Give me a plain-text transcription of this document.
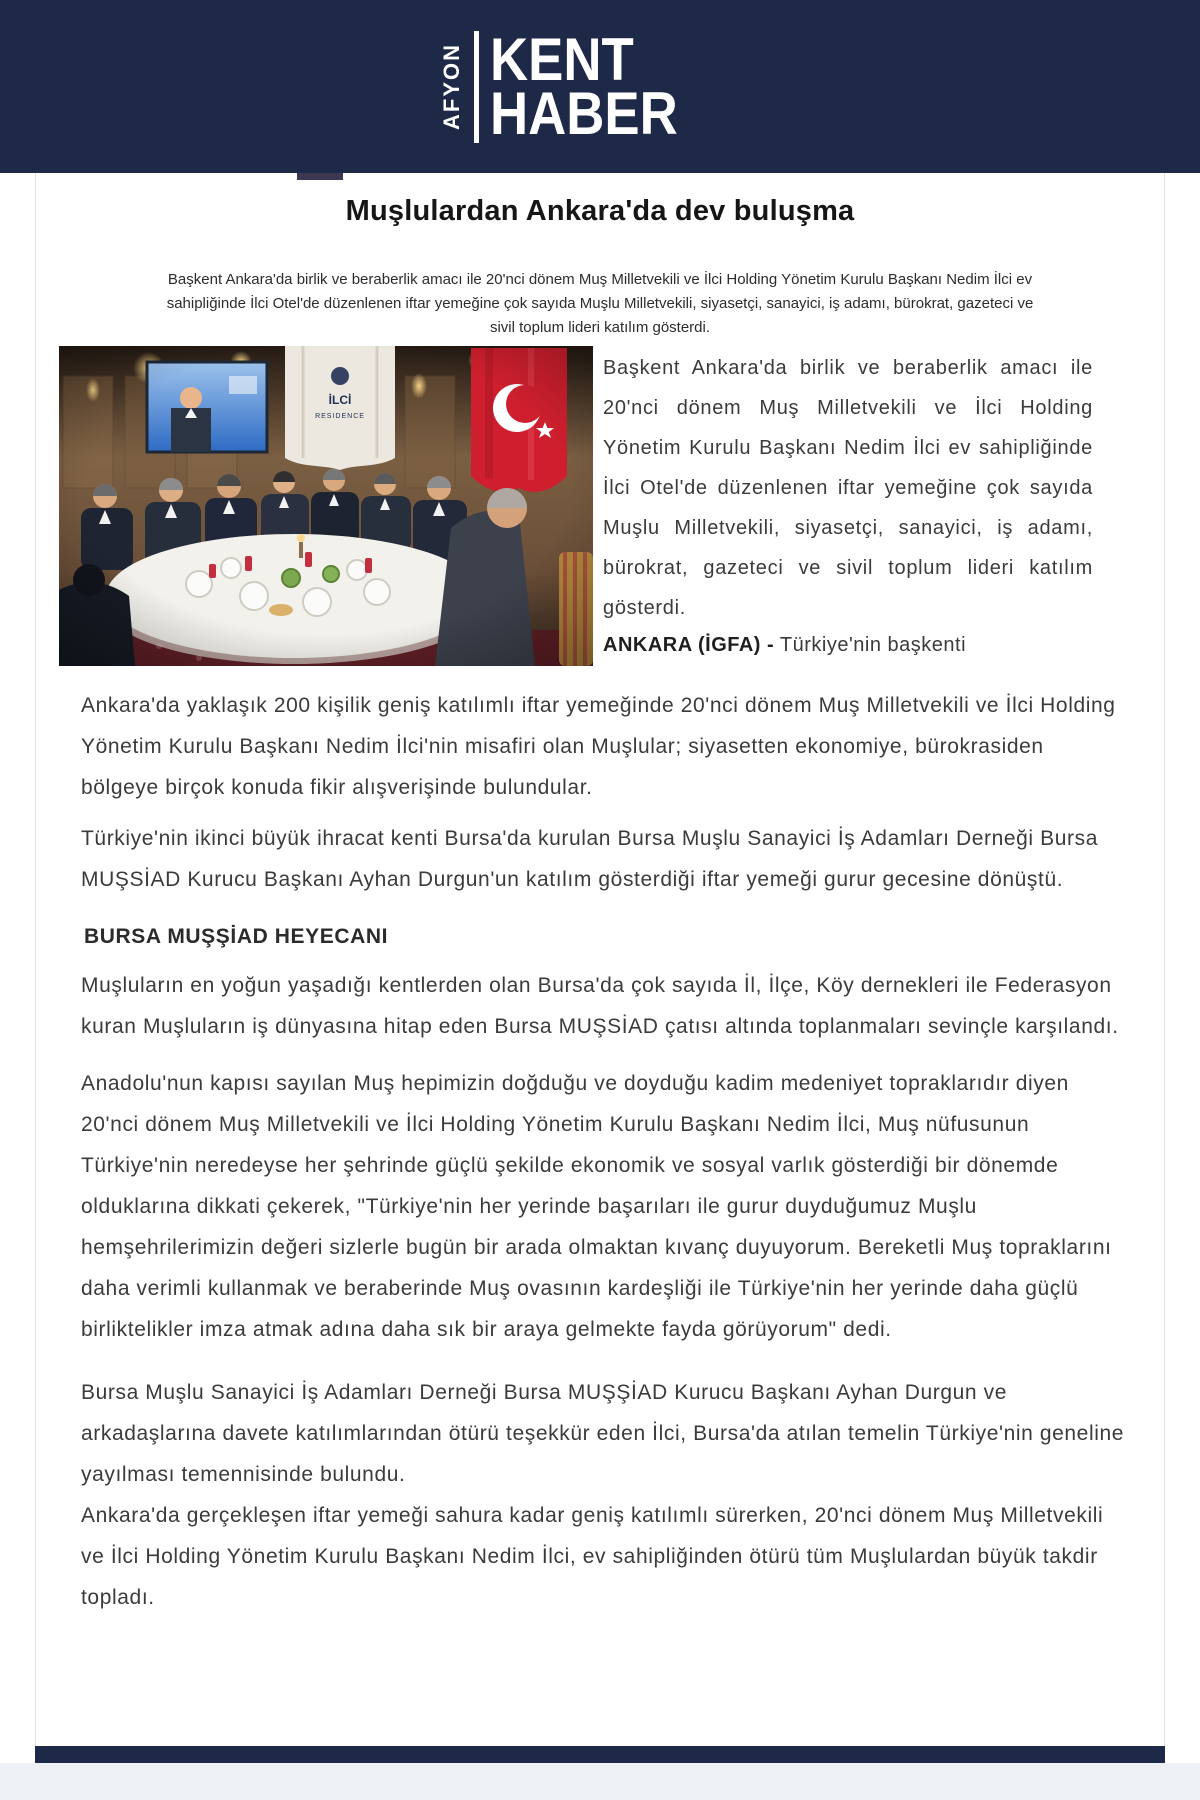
AFYON KENT
HABER
Muşlulardan Ankara'da dev buluşma

Başkent Ankara'da birlik ve beraberlik amacı ile 20'nci dönem Muş Milletvekili ve İlci Holding Yönetim Kurulu Başkanı Nedim İlci ev sahipliğinde İlci Otel'de düzenlenen iftar yemeğine çok sayıda Muşlu Milletvekili, siyasetçi, sanayici, iş adamı, bürokrat, gazeteci ve sivil toplum lideri katılım gösterdi.

Başkent Ankara'da birlik ve beraberlik amacı ile 20'nci dönem Muş Milletvekili ve İlci Holding Yönetim Kurulu Başkanı Nedim İlci ev sahipliğinde İlci Otel'de düzenlenen iftar yemeğine çok sayıda Muşlu Milletvekili, siyasetçi, sanayici, iş adamı, bürokrat, gazeteci ve sivil toplum lideri katılım gösterdi.

ANKARA (İGFA) - Türkiye'nin başkenti

Ankara'da yaklaşık 200 kişilik geniş katılımlı iftar yemeğinde 20'nci dönem Muş Milletvekili ve İlci Holding Yönetim Kurulu Başkanı Nedim İlci'nin misafiri olan Muşlular; siyasetten ekonomiye, bürokrasiden bölgeye birçok konuda fikir alışverişinde bulundular.

Türkiye'nin ikinci büyük ihracat kenti Bursa'da kurulan Bursa Muşlu Sanayici İş Adamları Derneği Bursa MUŞSİAD Kurucu Başkanı Ayhan Durgun'un katılım gösterdiği iftar yemeği gurur gecesine dönüştü.

BURSA MUŞŞİAD HEYECANI

Muşluların en yoğun yaşadığı kentlerden olan Bursa'da çok sayıda İl, İlçe, Köy dernekleri ile Federasyon kuran Muşluların iş dünyasına hitap eden Bursa MUŞSİAD çatısı altında toplanmaları sevinçle karşılandı.

Anadolu'nun kapısı sayılan Muş hepimizin doğduğu ve doyduğu kadim medeniyet topraklarıdır diyen 20'nci dönem Muş Milletvekili ve İlci Holding Yönetim Kurulu Başkanı Nedim İlci, Muş nüfusunun Türkiye'nin neredeyse her şehrinde güçlü şekilde ekonomik ve sosyal varlık gösterdiği bir dönemde olduklarına dikkati çekerek, "Türkiye'nin her yerinde başarıları ile gurur duyduğumuz Muşlu hemşehrilerimizin değeri sizlerle bugün bir arada olmaktan kıvanç duyuyorum. Bereketli Muş topraklarını daha verimli kullanmak ve beraberinde Muş ovasının kardeşliği ile Türkiye'nin her yerinde daha güçlü birliktelikler imza atmak adına daha sık bir araya gelmekte fayda görüyorum" dedi.

Bursa Muşlu Sanayici İş Adamları Derneği Bursa MUŞŞİAD Kurucu Başkanı Ayhan Durgun ve arkadaşlarına davete katılımlarından ötürü teşekkür eden İlci, Bursa'da atılan temelin Türkiye'nin geneline yayılması temennisinde bulundu.

Ankara'da gerçekleşen iftar yemeği sahura kadar geniş katılımlı sürerken, 20'nci dönem Muş Milletvekili ve İlci Holding Yönetim Kurulu Başkanı Nedim İlci, ev sahipliğinden ötürü tüm Muşlulardan büyük takdir topladı.
